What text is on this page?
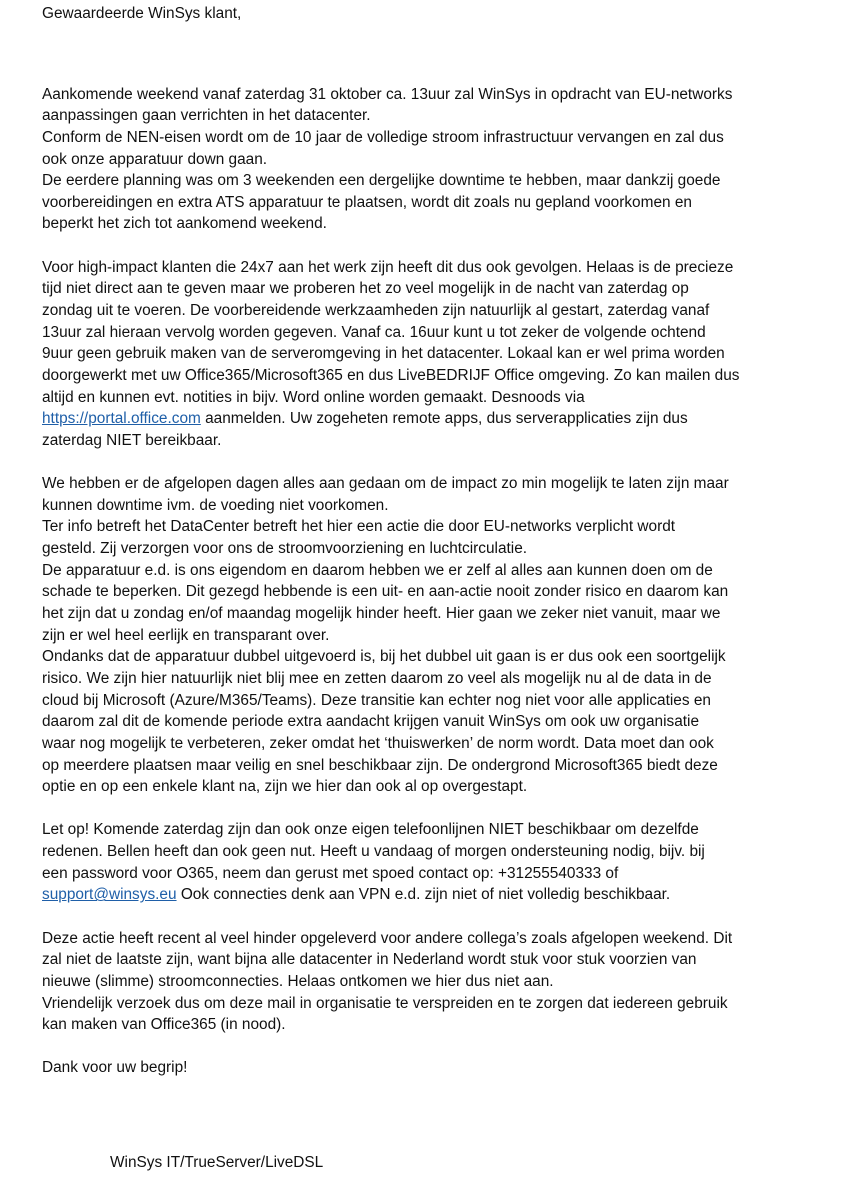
Gewaardeerde WinSys klant,
Aankomende weekend vanaf zaterdag 31 oktober ca. 13uur zal WinSys in opdracht van EU-networks
aanpassingen gaan verrichten in het datacenter.
Conform de NEN-eisen wordt om de 10 jaar de volledige stroom infrastructuur vervangen en zal dus
ook onze apparatuur down gaan.
De eerdere planning was om 3 weekenden een dergelijke downtime te hebben, maar dankzij goede
voorbereidingen en extra ATS apparatuur te plaatsen, wordt dit zoals nu gepland voorkomen en
beperkt het zich tot aankomend weekend.
Voor high-impact klanten die 24x7 aan het werk zijn heeft dit dus ook gevolgen. Helaas is de precieze
tijd niet direct aan te geven maar we proberen het zo veel mogelijk in de nacht van zaterdag op
zondag uit te voeren. De voorbereidende werkzaamheden zijn natuurlijk al gestart, zaterdag vanaf
13uur zal hieraan vervolg worden gegeven. Vanaf ca. 16uur kunt u tot zeker de volgende ochtend
9uur geen gebruik maken van de serveromgeving in het datacenter. Lokaal kan er wel prima worden
doorgewerkt met uw Office365/Microsoft365 en dus LiveBEDRIJF Office omgeving. Zo kan mailen dus
altijd en kunnen evt. notities in bijv. Word online worden gemaakt. Desnoods via
https://portal.office.com aanmelden. Uw zogeheten remote apps, dus serverapplicaties zijn dus
zaterdag NIET bereikbaar.
We hebben er de afgelopen dagen alles aan gedaan om de impact zo min mogelijk te laten zijn maar
kunnen downtime ivm. de voeding niet voorkomen.
Ter info betreft het DataCenter betreft het hier een actie die door EU-networks verplicht wordt
gesteld. Zij verzorgen voor ons de stroomvoorziening en luchtcirculatie.
De apparatuur e.d. is ons eigendom en daarom hebben we er zelf al alles aan kunnen doen om de
schade te beperken. Dit gezegd hebbende is een uit- en aan-actie nooit zonder risico en daarom kan
het zijn dat u zondag en/of maandag mogelijk hinder heeft. Hier gaan we zeker niet vanuit, maar we
zijn er wel heel eerlijk en transparant over.
Ondanks dat de apparatuur dubbel uitgevoerd is, bij het dubbel uit gaan is er dus ook een soortgelijk
risico. We zijn hier natuurlijk niet blij mee en zetten daarom zo veel als mogelijk nu al de data in de
cloud bij Microsoft (Azure/M365/Teams). Deze transitie kan echter nog niet voor alle applicaties en
daarom zal dit de komende periode extra aandacht krijgen vanuit WinSys om ook uw organisatie
waar nog mogelijk te verbeteren, zeker omdat het ‘thuiswerken’ de norm wordt. Data moet dan ook
op meerdere plaatsen maar veilig en snel beschikbaar zijn. De ondergrond Microsoft365 biedt deze
optie en op een enkele klant na, zijn we hier dan ook al op overgestapt.
Let op! Komende zaterdag zijn dan ook onze eigen telefoonlijnen NIET beschikbaar om dezelfde
redenen. Bellen heeft dan ook geen nut. Heeft u vandaag of morgen ondersteuning nodig, bijv. bij
een password voor O365, neem dan gerust met spoed contact op: +31255540333 of
support@winsys.eu Ook connecties denk aan VPN e.d. zijn niet of niet volledig beschikbaar.
Deze actie heeft recent al veel hinder opgeleverd voor andere collega’s zoals afgelopen weekend. Dit
zal niet de laatste zijn, want bijna alle datacenter in Nederland wordt stuk voor stuk voorzien van
nieuwe (slimme) stroomconnecties. Helaas ontkomen we hier dus niet aan.
Vriendelijk verzoek dus om deze mail in organisatie te verspreiden en te zorgen dat iedereen gebruik
kan maken van Office365 (in nood).
Dank voor uw begrip!
WinSys IT/TrueServer/LiveDSL
